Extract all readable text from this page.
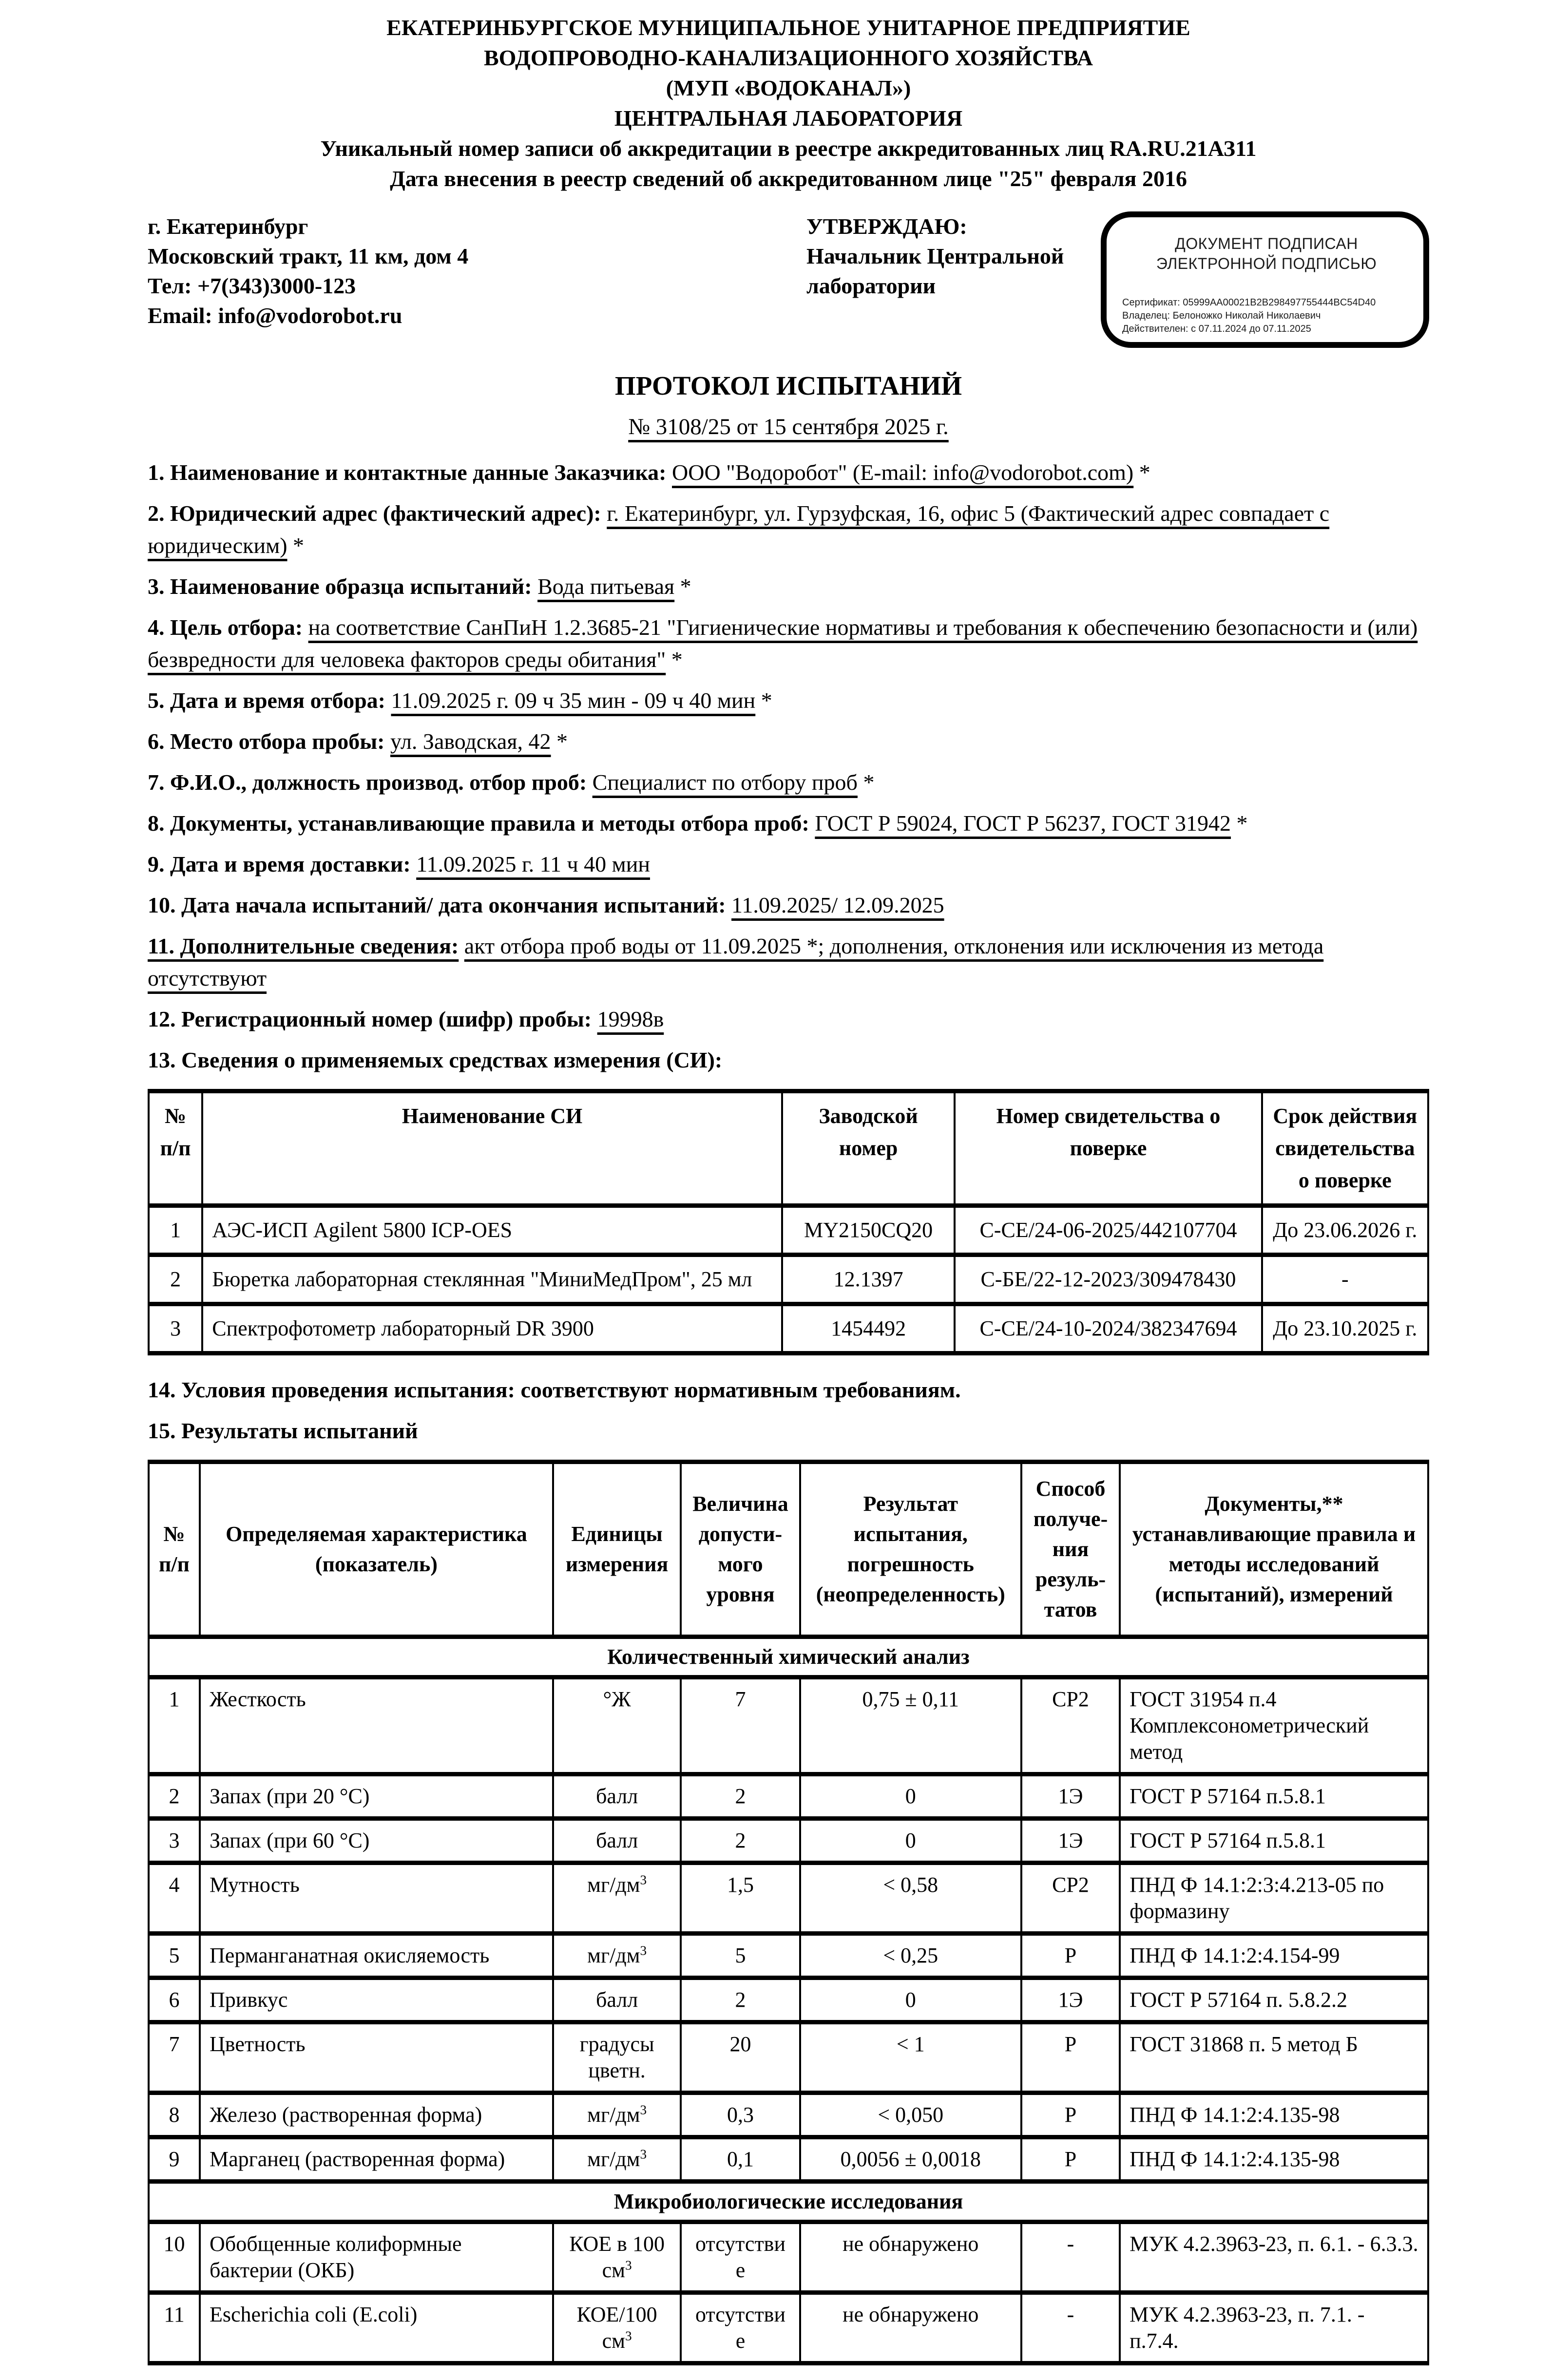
ЕКАТЕРИНБУРГСКОЕ МУНИЦИПАЛЬНОЕ УНИТАРНОЕ ПРЕДПРИЯТИЕ
ВОДОПРОВОДНО-КАНАЛИЗАЦИОННОГО ХОЗЯЙСТВА
(МУП «ВОДОКАНАЛ»)
ЦЕНТРАЛЬНАЯ ЛАБОРАТОРИЯ
Уникальный номер записи об аккредитации в реестре аккредитованных лиц RA.RU.21АЗ11
Дата внесения в реестр сведений об аккредитованном лице "25" февраля 2016
г. Екатеринбург
Московский тракт, 11 км, дом 4
Тел: +7(343)3000-123
Email: info@vodorobot.ru
УТВЕРЖДАЮ:
Начальник Центральной
лаборатории
ДОКУМЕНТ ПОДПИСАН
ЭЛЕКТРОННОЙ ПОДПИСЬЮ
Сертификат: 05999AA00021B2B298497755444BC54D40
Владелец: Белоножко Николай Николаевич
Действителен: с 07.11.2024 до 07.11.2025
ПРОТОКОЛ ИСПЫТАНИЙ
№ 3108/25 от 15 сентября 2025 г.

1. Наименование и контактные данные Заказчика: ООО "Водоробот" (E-mail: info@vodorobot.com) *

2. Юридический адрес (фактический адрес): г. Екатеринбург, ул. Гурзуфская, 16, офис 5 (Фактический адрес совпадает с юридическим) *

3. Наименование образца испытаний: Вода питьевая *

4. Цель отбора: на соответствие СанПиН 1.2.3685-21 "Гигиенические нормативы и требования к обеспечению безопасности и (или) безвредности для человека факторов среды обитания" *

5. Дата и время отбора: 11.09.2025 г. 09 ч 35 мин - 09 ч 40 мин *

6. Место отбора пробы: ул. Заводская, 42 *

7. Ф.И.О., должность производ. отбор проб: Специалист по отбору проб *

8. Документы, устанавливающие правила и методы отбора проб: ГОСТ Р 59024, ГОСТ Р 56237, ГОСТ 31942 *

9. Дата и время доставки: 11.09.2025 г. 11 ч 40 мин

10. Дата начала испытаний/ дата окончания испытаний: 11.09.2025/ 12.09.2025

11. Дополнительные сведения: акт отбора проб воды от 11.09.2025 *; дополнения, отклонения или исключения из метода отсутствуют

12. Регистрационный номер (шифр) пробы: 19998в

13. Сведения о применяемых средствах измерения (СИ):

№ п/п	Наименование СИ	Заводской номер	Номер свидетельства о поверке	Срок действия свидетельства о поверке
1	АЭС-ИСП Agilent 5800 ICP-OES	MY2150CQ20	С-СЕ/24-06-2025/442107704	До 23.06.2026 г.
2	Бюретка лабораторная стеклянная "МиниМедПром", 25 мл	12.1397	С-БЕ/22-12-2023/309478430	-
3	Спектрофотометр лабораторный DR 3900	1454492	С-СЕ/24-10-2024/382347694	До 23.10.2025 г.

14. Условия проведения испытания: соответствуют нормативным требованиям.

15. Результаты испытаний

№ п/п	Определяемая характеристика (показатель)	Единицы измерения	Величина допусти- мого уровня	Результат испытания, погрешность (неопределенность)	Способ получе- ния резуль- татов	Документы,** устанавливающие правила и методы исследований (испытаний), измерений
Количественный химический анализ						
1	Жесткость	°Ж	7	0,75 ± 0,11	СР2	ГОСТ 31954 п.4 Комплексонометрический метод
2	Запах (при 20 °С)	балл	2	0	1Э	ГОСТ Р 57164 п.5.8.1
3	Запах (при 60 °С)	балл	2	0	1Э	ГОСТ Р 57164 п.5.8.1
4	Мутность	$мг/дм^3$	1,5	< 0,58	СР2	ПНД Ф 14.1:2:3:4.213-05 по формазину
5	Перманганатная окисляемость	$мг/дм^3$	5	< 0,25	Р	ПНД Ф 14.1:2:4.154-99
6	Привкус	балл	2	0	1Э	ГОСТ Р 57164 п. 5.8.2.2
7	Цветность	градусы цветн.	20	< 1	Р	ГОСТ 31868 п. 5 метод Б
8	Железо (растворенная форма)	$мг/дм^3$	0,3	< 0,050	Р	ПНД Ф 14.1:2:4.135-98
9	Марганец (растворенная форма)	$мг/дм^3$	0,1	0,0056 ± 0,0018	Р	ПНД Ф 14.1:2:4.135-98
Микробиологические исследования						
10	Обобщенные колиформные бактерии (ОКБ)	КОЕ в 100 $см^3$	отсутствие	не обнаружено	-	МУК 4.2.3963-23, п. 6.1. - 6.3.3.
11	Escherichia coli (E.coli)	КОЕ/100 $см^3$	отсутствие	не обнаружено	-	МУК 4.2.3963-23, п. 7.1. - п.7.4.
